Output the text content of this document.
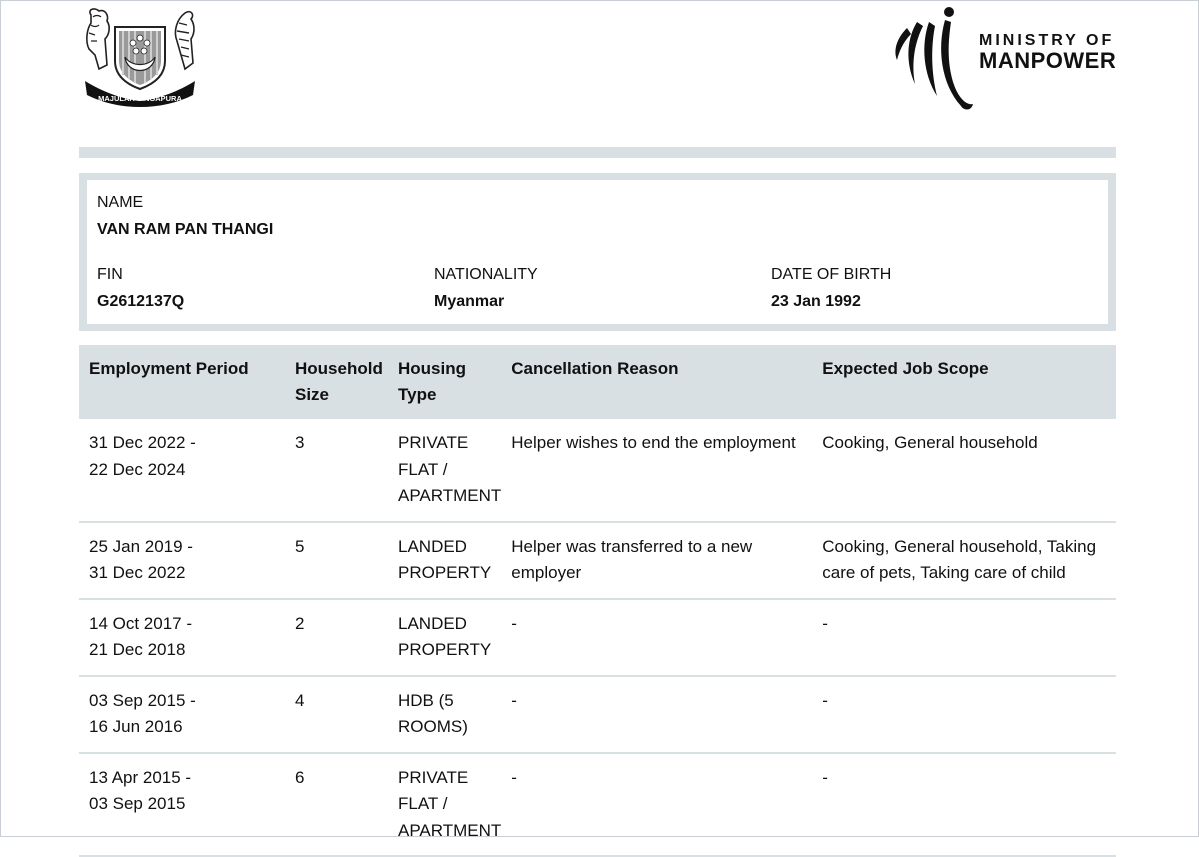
MAJULAH SINGAPURA
MINISTRY OF
MANPOWER
NAME
VAN RAM PAN THANGI
FIN
G2612137Q
NATIONALITY
Myanmar
DATE OF BIRTH
23 Jan 1992
Employment Period	Household Size	Housing Type	Cancellation Reason	Expected Job Scope
31 Dec 2022 -
22 Dec 2024	3	PRIVATE FLAT / APARTMENT	Helper wishes to end the employment	Cooking, General household
25 Jan 2019 -
31 Dec 2022	5	LANDED PROPERTY	Helper was transferred to a new employer	Cooking, General household, Taking care of pets, Taking care of child
14 Oct 2017 -
21 Dec 2018	2	LANDED PROPERTY	-	-
03 Sep 2015 -
16 Jun 2016	4	HDB (5 ROOMS)	-	-
13 Apr 2015 -
03 Sep 2015	6	PRIVATE FLAT / APARTMENT	-	-
